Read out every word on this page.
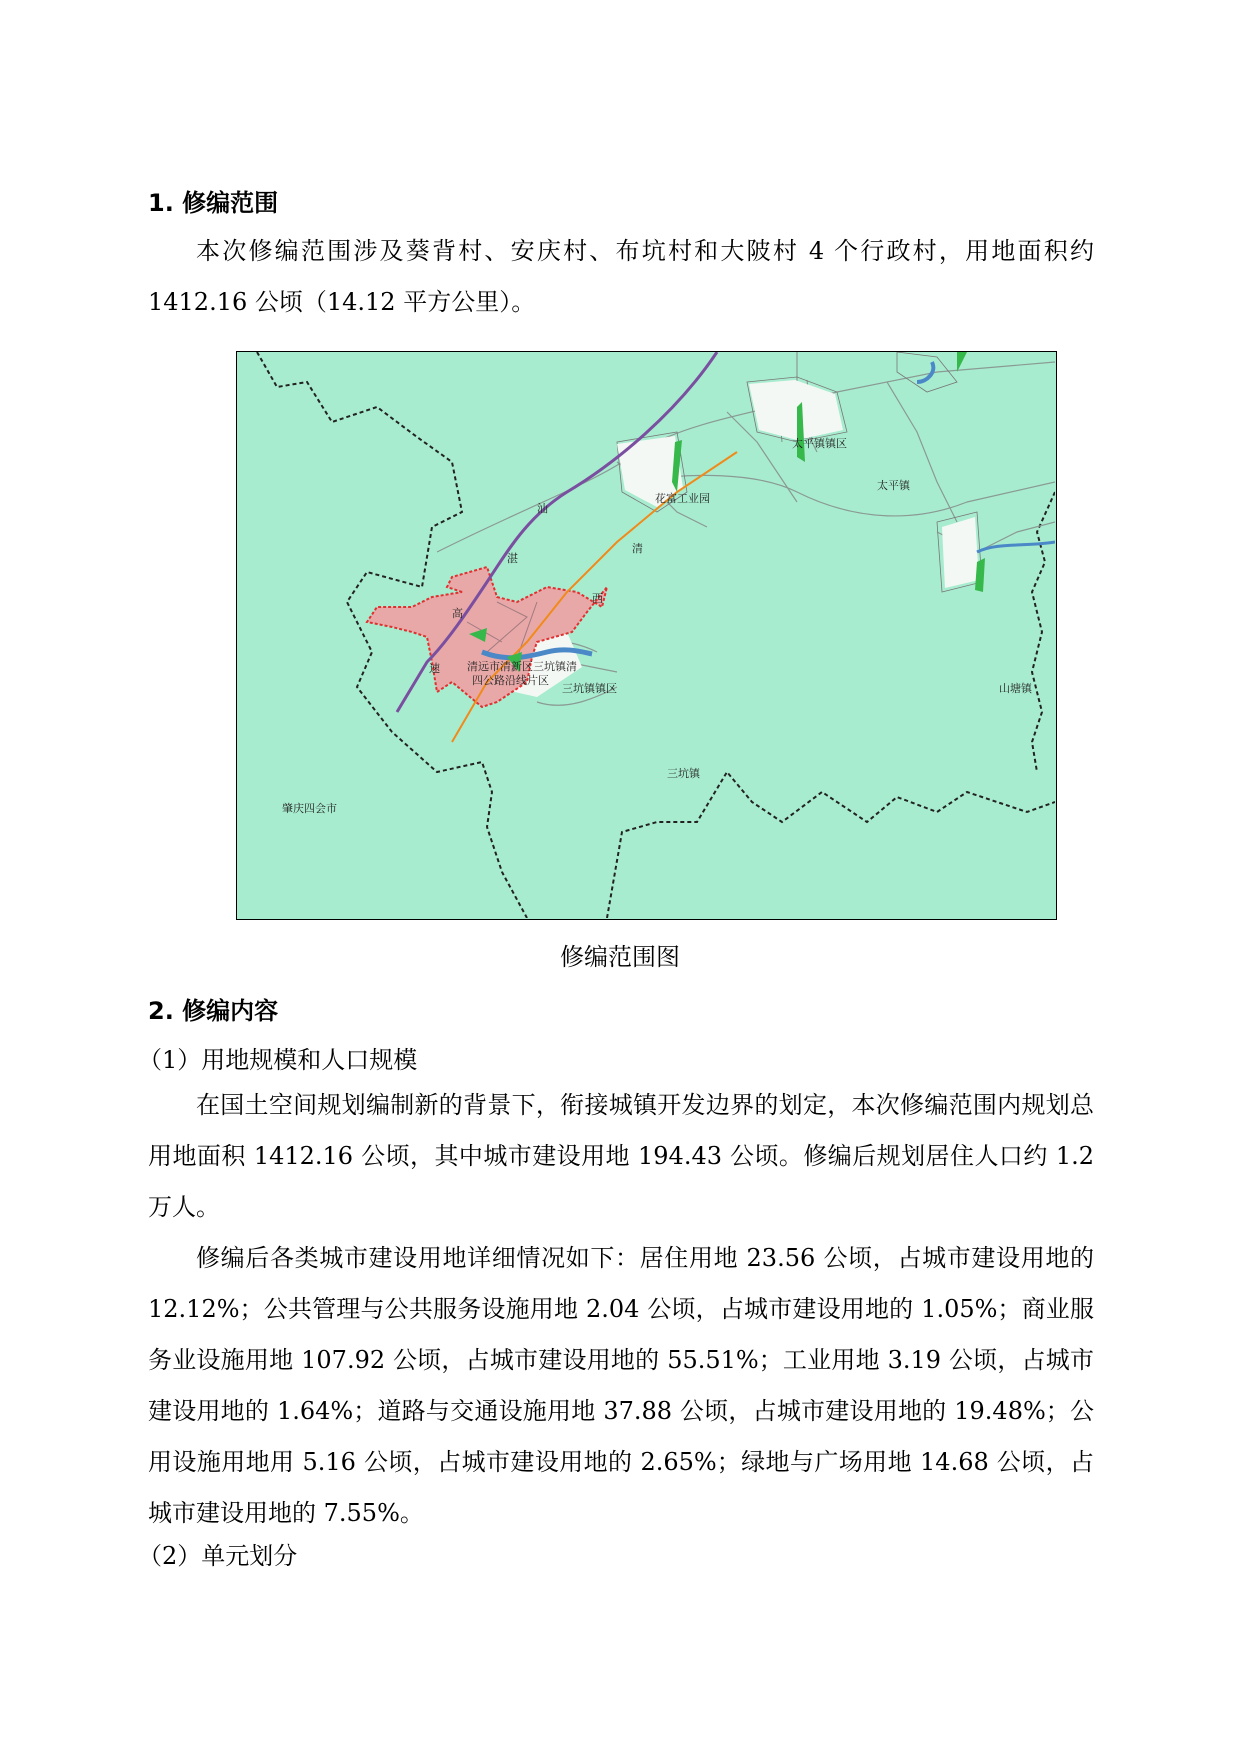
1. 修编范围

本次修编范围涉及葵背村、安庆村、布坑村和大陂村 4 个行政村，用地面积约 1412.16 公顷（14.12 平方公里）。

太平镇镇区
花富工业园
太平镇
山塘镇
三坑镇镇区
三坑镇
肇庆四会市
清远市清新区三坑镇清
四公路沿线片区
汕
湛
清
西
高
速
修编范围图
2. 修编内容
（1）用地规模和人口规模

在国土空间规划编制新的背景下，衔接城镇开发边界的划定，本次修编范围内规划总用地面积 1412.16 公顷，其中城市建设用地 194.43 公顷。修编后规划居住人口约 1.2 万人。

修编后各类城市建设用地详细情况如下：居住用地 23.56 公顷，占城市建设用地的 12.12%；公共管理与公共服务设施用地 2.04 公顷，占城市建设用地的 1.05%；商业服务业设施用地 107.92 公顷，占城市建设用地的 55.51%；工业用地 3.19 公顷，占城市建设用地的 1.64%；道路与交通设施用地 37.88 公顷，占城市建设用地的 19.48%；公用设施用地用 5.16 公顷，占城市建设用地的 2.65%；绿地与广场用地 14.68 公顷，占城市建设用地的 7.55%。

（2）单元划分
